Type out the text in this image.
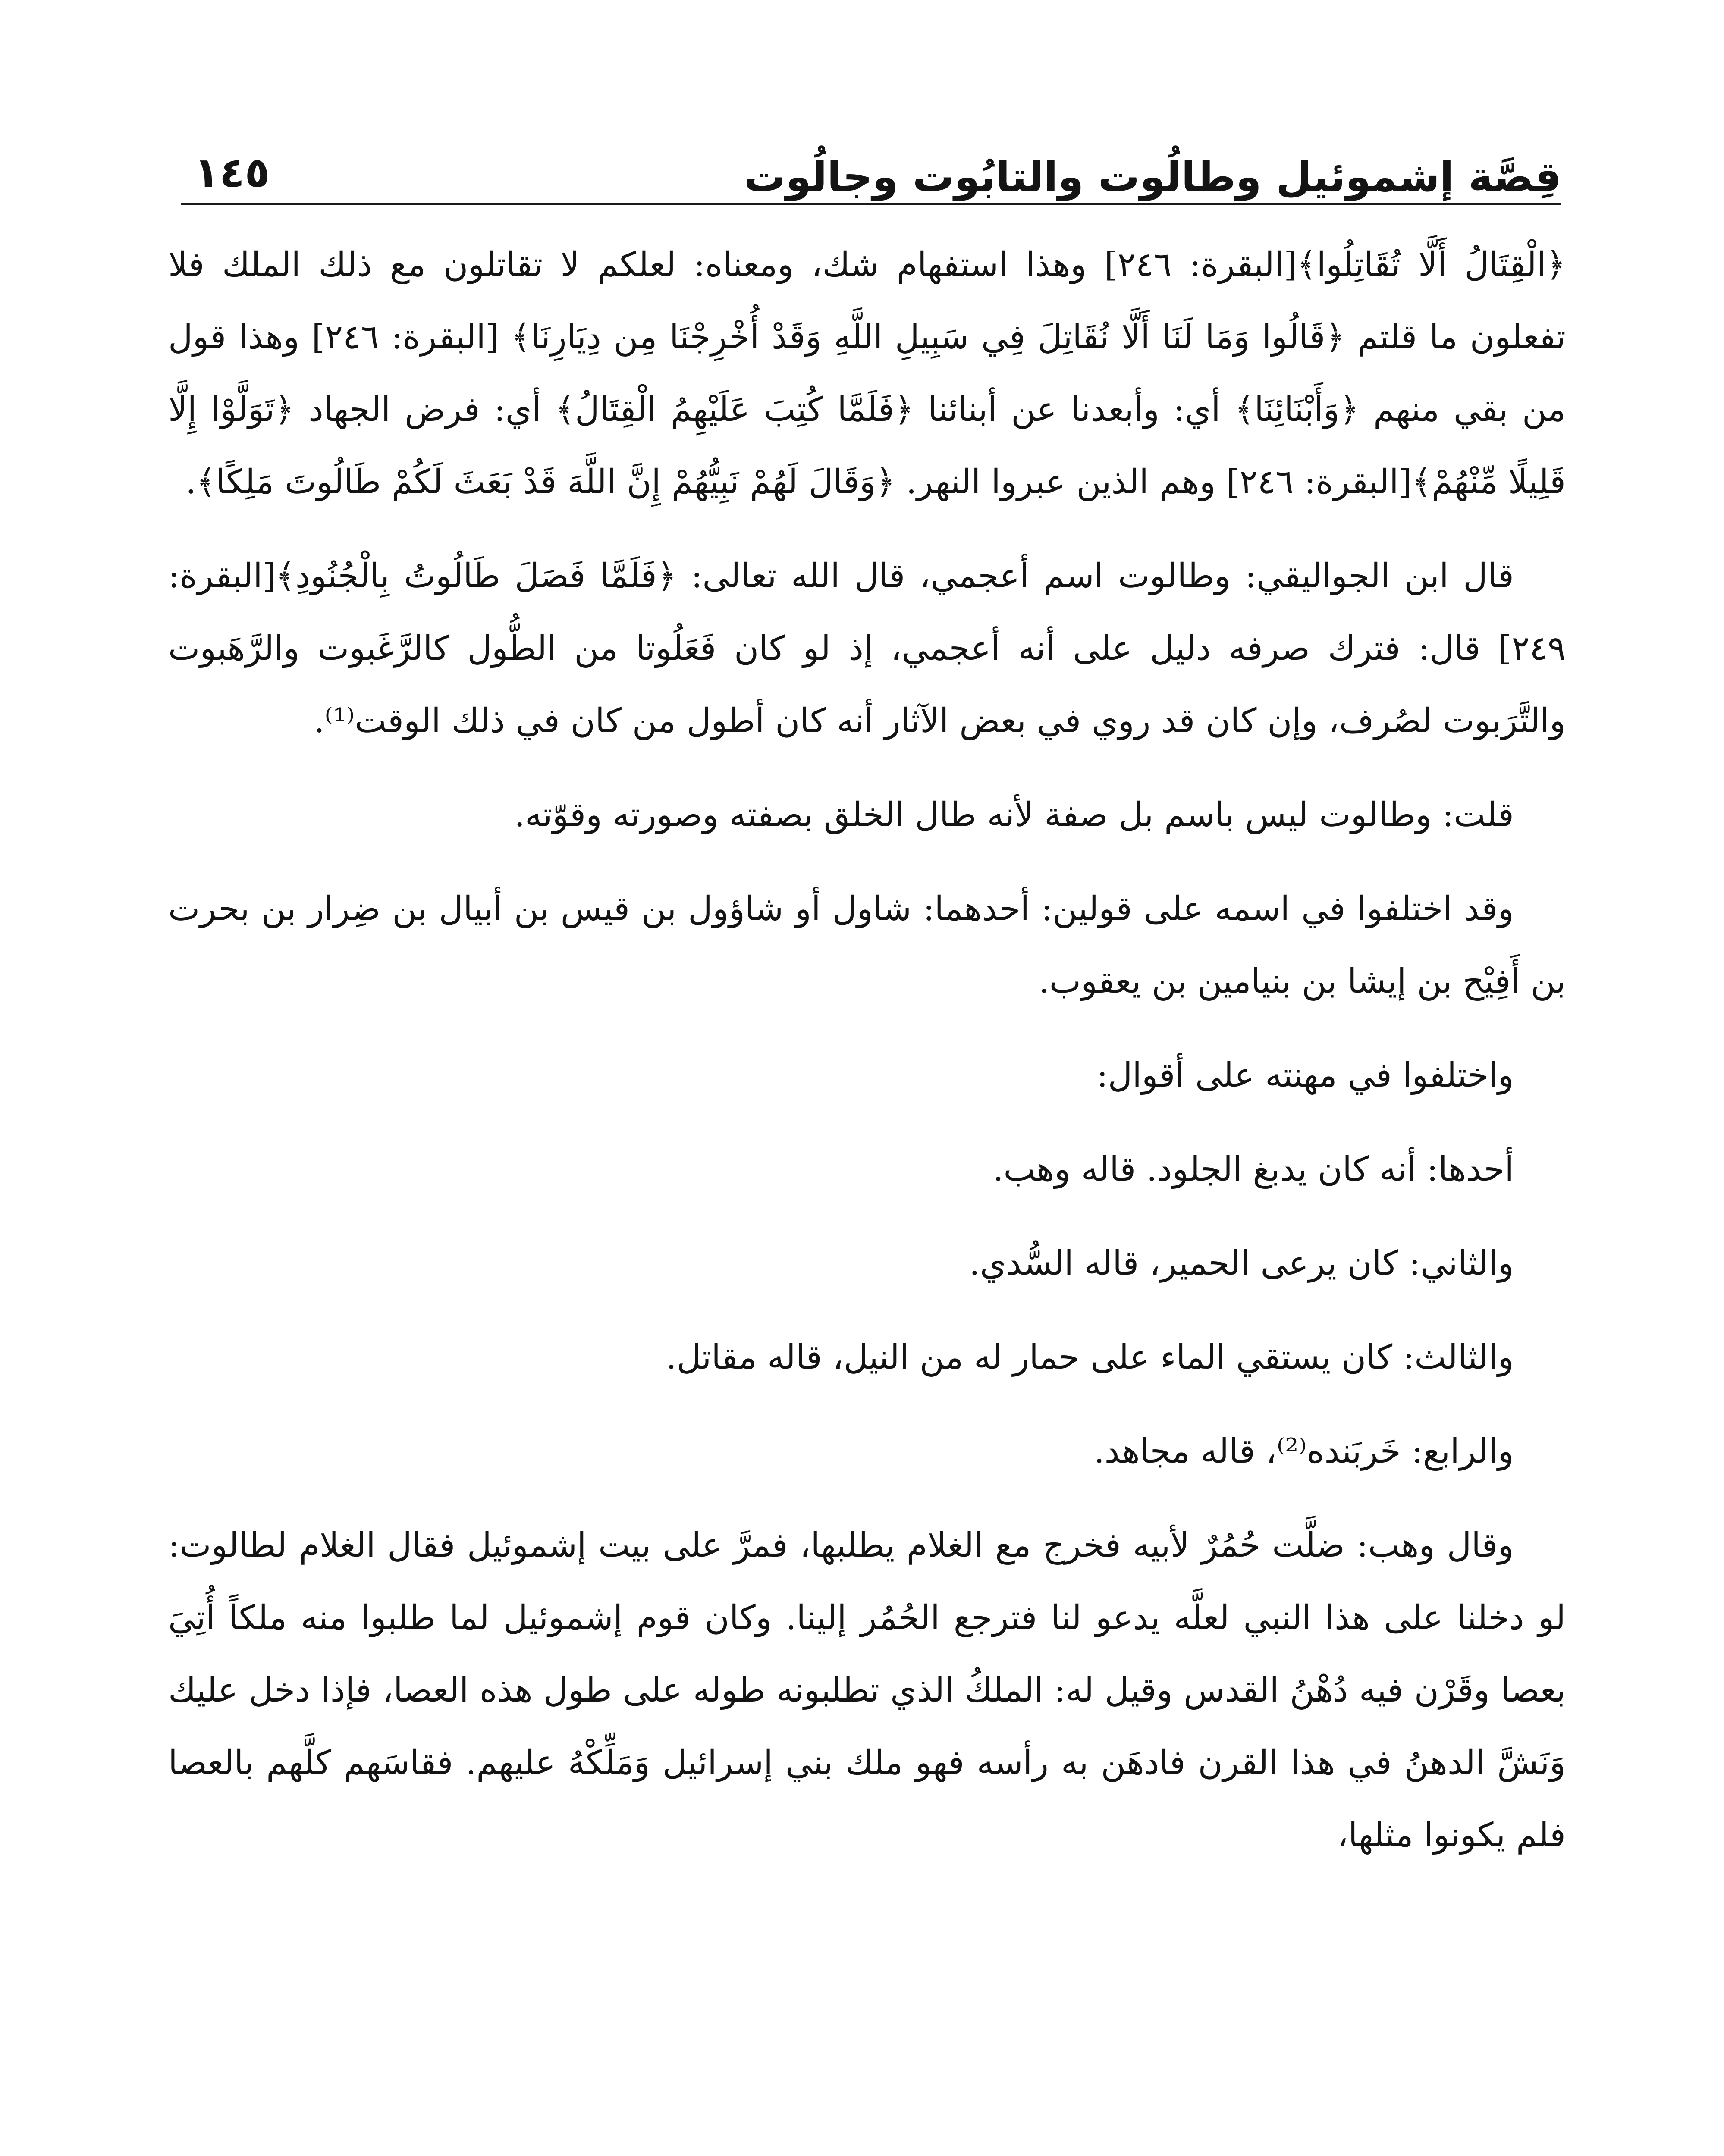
قِصَّة إشموئيل وطالُوت والتابُوت وجالُوت
١٤٥

﴿الْقِتَالُ أَلَّا تُقَاتِلُوا﴾[البقرة: ٢٤٦] وهذا استفهام شك، ومعناه: لعلكم لا تقاتلون مع ذلك الملك فلا تفعلون ما قلتم ﴿قَالُوا وَمَا لَنَا أَلَّا نُقَاتِلَ فِي سَبِيلِ اللَّهِ وَقَدْ أُخْرِجْنَا مِن دِيَارِنَا﴾ [البقرة: ٢٤٦] وهذا قول من بقي منهم ﴿وَأَبْنَائِنَا﴾ أي: وأبعدنا عن أبنائنا ﴿فَلَمَّا كُتِبَ عَلَيْهِمُ الْقِتَالُ﴾ أي: فرض الجهاد ﴿تَوَلَّوْا إِلَّا قَلِيلًا مِّنْهُمْ﴾[البقرة: ٢٤٦] وهم الذين عبروا النهر. ﴿وَقَالَ لَهُمْ نَبِيُّهُمْ إِنَّ اللَّهَ قَدْ بَعَثَ لَكُمْ طَالُوتَ مَلِكًا﴾.

قال ابن الجواليقي: وطالوت اسم أعجمي، قال الله تعالى: ﴿فَلَمَّا فَصَلَ طَالُوتُ بِالْجُنُودِ﴾[البقرة: ٢٤٩] قال: فترك صرفه دليل على أنه أعجمي، إذ لو كان فَعَلُوتا من الطُّول كالرَّغَبوت والرَّهَبوت والتَّرَبوت لصُرف، وإن كان قد روي في بعض الآثار أنه كان أطول من كان في ذلك الوقت⁽¹⁾.

قلت: وطالوت ليس باسم بل صفة لأنه طال الخلق بصفته وصورته وقوّته.

وقد اختلفوا في اسمه على قولين: أحدهما: شاول أو شاؤول بن قيس بن أبيال بن ضِرار بن بحرت بن أَفِيْح بن إيشا بن بنيامين بن يعقوب.

واختلفوا في مهنته على أقوال:

أحدها: أنه كان يدبغ الجلود. قاله وهب.

والثاني: كان يرعى الحمير، قاله السُّدي.

والثالث: كان يستقي الماء على حمار له من النيل، قاله مقاتل.

والرابع: خَربَنده⁽²⁾، قاله مجاهد.

وقال وهب: ضلَّت حُمُرٌ لأبيه فخرج مع الغلام يطلبها، فمرَّ على بيت إشموئيل فقال الغلام لطالوت: لو دخلنا على هذا النبي لعلَّه يدعو لنا فترجع الحُمُر إلينا. وكان قوم إشموئيل لما طلبوا منه ملكاً أُتِيَ بعصا وقَرْن فيه دُهْنُ القدس وقيل له: الملكُ الذي تطلبونه طوله على طول هذه العصا، فإذا دخل عليك وَنَشَّ الدهنُ في هذا القرن فادهَن به رأسه فهو ملك بني إسرائيل وَمَلِّكْهُ عليهم. فقاسَهم كلَّهم بالعصا فلم يكونوا مثلها،
